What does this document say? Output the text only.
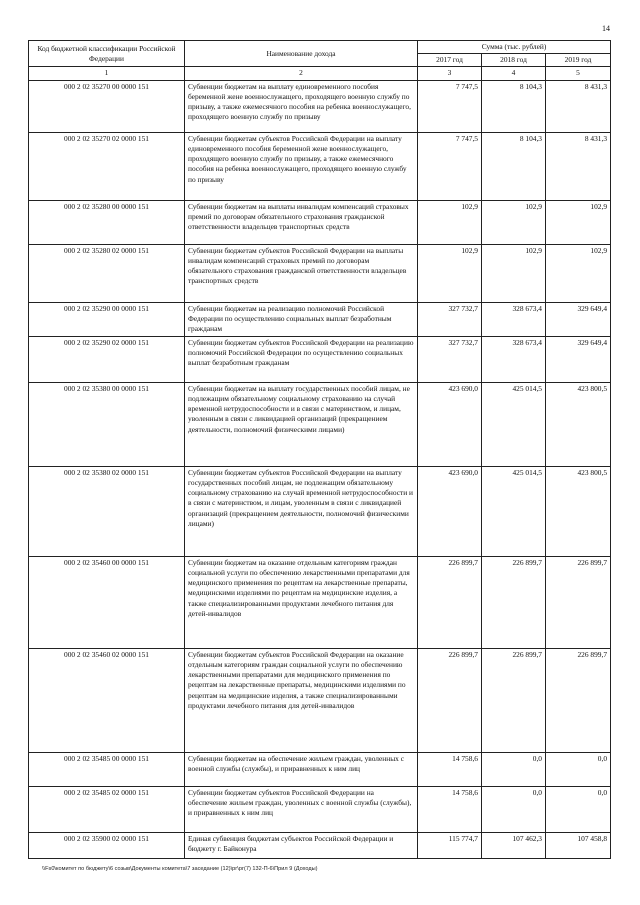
14
Код бюджетной классификации Российской Федерации	Наименование дохода	Сумма (тыс. рублей)		
		2017 год	2018 год	2019 год
1	2	3	4	5
000 2 02 35270 00 0000 151	Субвенции бюджетам на выплату единовременного пособия беременной жене военнослужащего, проходящего военную службу по призыву, а также ежемесячного пособия на ребенка военнослужащего, проходящего военную службу по призыву	7 747,5	8 104,3	8 431,3
000 2 02 35270 02 0000 151	Субвенции бюджетам субъектов Российской Федерации на выплату единовременного пособия беременной жене военнослужащего, проходящего военную службу по призыву, а также ежемесячного пособия на ребенка военнослужащего, проходящего военную службу по призыву	7 747,5	8 104,3	8 431,3
000 2 02 35280 00 0000 151	Субвенции бюджетам на выплаты инвалидам компенсаций страховых премий по договорам обязательного страхования гражданской ответственности владельцев транспортных средств	102,9	102,9	102,9
000 2 02 35280 02 0000 151	Субвенции бюджетам субъектов Российской Федерации на выплаты инвалидам компенсаций страховых премий по договорам обязательного страхования гражданской ответственности владельцев транспортных средств	102,9	102,9	102,9
000 2 02 35290 00 0000 151	Субвенции бюджетам на реализацию полномочий Российской Федерации по осуществлению социальных выплат безработным гражданам	327 732,7	328 673,4	329 649,4
000 2 02 35290 02 0000 151	Субвенции бюджетам субъектов Российской Федерации на реализацию полномочий Российской Федерации по осуществлению социальных выплат безработным гражданам	327 732,7	328 673,4	329 649,4
000 2 02 35380 00 0000 151	Субвенции бюджетам на выплату государственных пособий лицам, не подлежащим обязательному социальному страхованию на случай временной нетрудоспособности и в связи с материнством, и лицам, уволенным в связи с ликвидацией организаций (прекращением деятельности, полномочий физическими лицами)	423 690,0	425 014,5	423 800,5
000 2 02 35380 02 0000 151	Субвенции бюджетам субъектов Российской Федерации на выплату государственных пособий лицам, не подлежащим обязательному социальному страхованию на случай временной нетрудоспособности и в связи с материнством, и лицам, уволенным в связи с ликвидацией организаций (прекращением деятельности, полномочий физическими лицами)	423 690,0	425 014,5	423 800,5
000 2 02 35460 00 0000 151	Субвенции бюджетам на оказание отдельным категориям граждан социальной услуги по обеспечению лекарственными препаратами для медицинского применения по рецептам на лекарственные препараты, медицинскими изделиями по рецептам на медицинские изделия, а также специализированными продуктами лечебного питания для детей-инвалидов	226 899,7	226 899,7	226 899,7
000 2 02 35460 02 0000 151	Субвенции бюджетам субъектов Российской Федерации на оказание отдельным категориям граждан социальной услуги по обеспечению лекарственными препаратами для медицинского применения по рецептам на лекарственные препараты, медицинскими изделиями по рецептам на медицинские изделия, а также специализированными продуктами лечебного питания для детей-инвалидов	226 899,7	226 899,7	226 899,7
000 2 02 35485 00 0000 151	Субвенции бюджетам на обеспечение жильем граждан, уволенных с военной службы (службы), и приравненных к ним лиц	14 758,6	0,0	0,0
000 2 02 35485 02 0000 151	Субвенции бюджетам субъектов Российской Федерации на обеспечение жильем граждан, уволенных с военной службы (службы), и приравненных к ним лиц	14 758,6	0,0	0,0
000 2 02 35900 02 0000 151	Единая субвенция бюджетам субъектов Российской Федерации и бюджету г. Байконура	115 774,7	107 462,3	107 458,8
\\Fs0\комитет по бюджету\6 созыв\Документы комитета\7 заседание (12)\рг\рг(7) 132-П-6\Прил 9 (Доходы)
